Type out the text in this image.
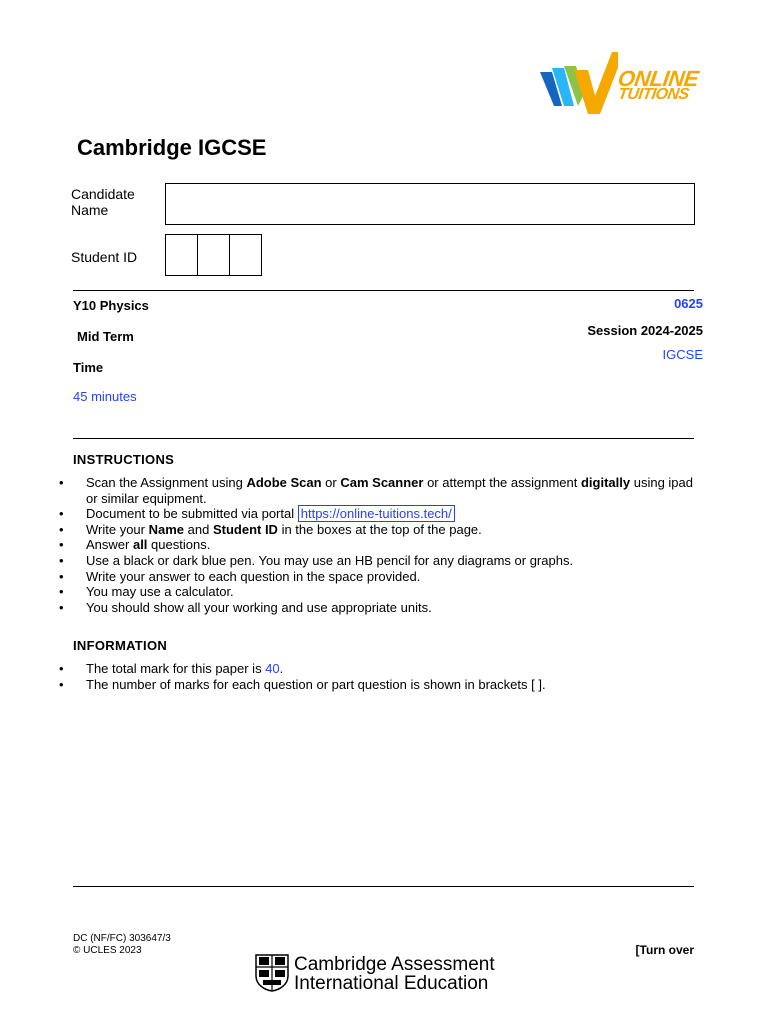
ONLINE
TUITIONS
Cambridge IGCSE
Candidate
Name
Student ID
Y10 Physics	0625
Mid Term	Session 2024-2025
IGCSE
Time
45 minutes
INSTRUCTIONS
• Scan the Assignment using Adobe Scan or Cam Scanner or attempt the assignment digitally using ipad or similar equipment.
• Document to be submitted via portal https://online-tuitions.tech/
• Write your Name and Student ID in the boxes at the top of the page.
• Answer all questions.
• Use a black or dark blue pen. You may use an HB pencil for any diagrams or graphs.
• Write your answer to each question in the space provided.
• You may use a calculator.
• You should show all your working and use appropriate units.
INFORMATION
• The total mark for this paper is 40.
• The number of marks for each question or part question is shown in brackets [ ].
DC (NF/FC) 303647/3
© UCLES 2023
Cambridge Assessment
International Education
[Turn over
